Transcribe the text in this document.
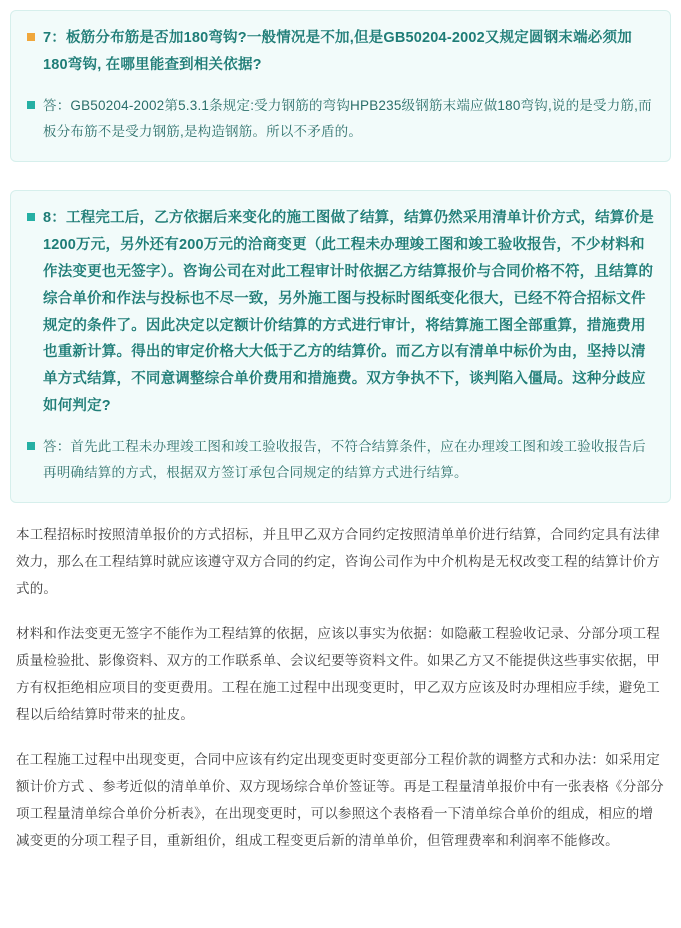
7：板筋分布筋是否加180弯钩?一般情况是不加,但是GB50204-2002又规定圆钢末端必须加180弯钩, 在哪里能查到相关依据?
答：GB50204-2002第5.3.1条规定:受力钢筋的弯钩HPB235级钢筋末端应做180弯钩,说的是受力筋,而板分布筋不是受力钢筋,是构造钢筋。所以不矛盾的。
8：工程完工后，乙方依据后来变化的施工图做了结算，结算仍然采用清单计价方式，结算价是1200万元，另外还有200万元的洽商变更（此工程未办理竣工图和竣工验收报告，不少材料和作法变更也无签字）。咨询公司在对此工程审计时依据乙方结算报价与合同价格不符，且结算的综合单价和作法与投标也不尽一致，另外施工图与投标时图纸变化很大，已经不符合招标文件规定的条件了。因此决定以定额计价结算的方式进行审计，将结算施工图全部重算，措施费用也重新计算。得出的审定价格大大低于乙方的结算价。而乙方以有清单中标价为由，坚持以清单方式结算，不同意调整综合单价费用和措施费。双方争执不下，谈判陷入僵局。这种分歧应如何判定?
答：首先此工程未办理竣工图和竣工验收报告，不符合结算条件，应在办理竣工图和竣工验收报告后再明确结算的方式，根据双方签订承包合同规定的结算方式进行结算。

本工程招标时按照清单报价的方式招标，并且甲乙双方合同约定按照清单单价进行结算，合同约定具有法律效力，那么在工程结算时就应该遵守双方合同的约定，咨询公司作为中介机构是无权改变工程的结算计价方式的。

材料和作法变更无签字不能作为工程结算的依据，应该以事实为依据：如隐蔽工程验收记录、分部分项工程质量检验批、影像资料、双方的工作联系单、会议纪要等资料文件。如果乙方又不能提供这些事实依据，甲方有权拒绝相应项目的变更费用。工程在施工过程中出现变更时，甲乙双方应该及时办理相应手续，避免工程以后给结算时带来的扯皮。

在工程施工过程中出现变更，合同中应该有约定出现变更时变更部分工程价款的调整方式和办法：如采用定额计价方式 、参考近似的清单单价、双方现场综合单价签证等。再是工程量清单报价中有一张表格《分部分项工程量清单综合单价分析表》，在出现变更时，可以参照这个表格看一下清单综合单价的组成，相应的增减变更的分项工程子目，重新组价，组成工程变更后新的清单单价，但管理费率和利润率不能修改。
